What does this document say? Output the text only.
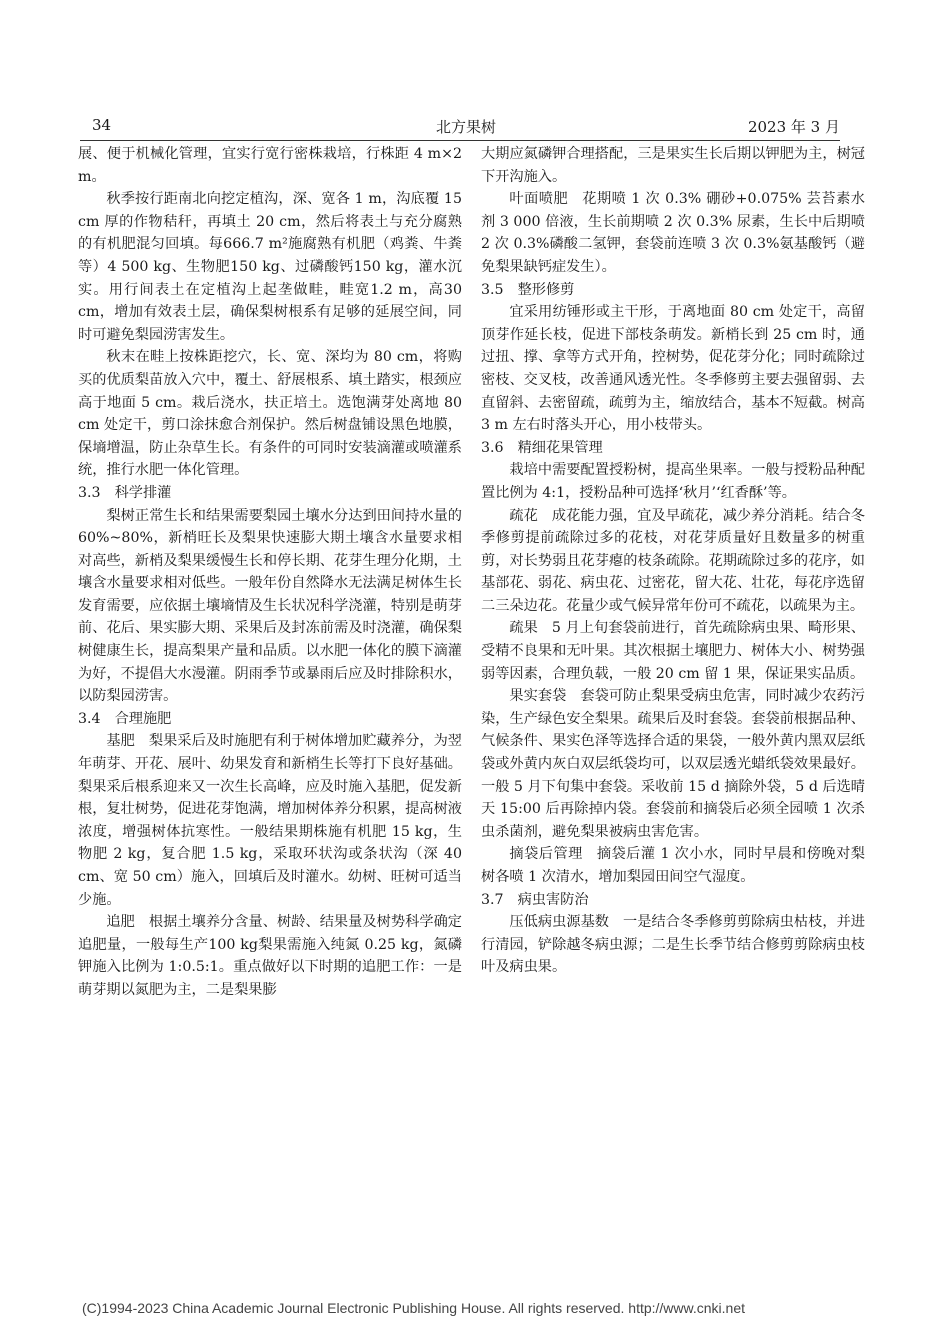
34	北方果树	2023 年 3 月

展、便于机械化管理，宜实行宽行密株栽培，行株距 4 m×2 m。

秋季按行距南北向挖定植沟，深、宽各 1 m，沟底覆 15 cm 厚的作物秸秆，再填土 20 cm，然后将表土与充分腐熟的有机肥混匀回填。每666.7 m²施腐熟有机肥（鸡粪、牛粪等）4 500 kg、生物肥150 kg、过磷酸钙150 kg，灌水沉实。用行间表土在定植沟上起垄做畦，畦宽1.2 m，高30 cm，增加有效表土层，确保梨树根系有足够的延展空间，同时可避免梨园涝害发生。

秋末在畦上按株距挖穴，长、宽、深均为 80 cm，将购买的优质梨苗放入穴中，覆土、舒展根系、填土踏实，根颈应高于地面 5 cm。栽后浇水，扶正培土。选饱满芽处离地 80 cm 处定干，剪口涂抹愈合剂保护。然后树盘铺设黑色地膜，保墒增温，防止杂草生长。有条件的可同时安装滴灌或喷灌系统，推行水肥一体化管理。

3.3 科学排灌

梨树正常生长和结果需要梨园土壤水分达到田间持水量的 60%~80%，新梢旺长及梨果快速膨大期土壤含水量要求相对高些，新梢及梨果缓慢生长和停长期、花芽生理分化期，土壤含水量要求相对低些。一般年份自然降水无法满足树体生长发育需要，应依据土壤墒情及生长状况科学浇灌，特别是萌芽前、花后、果实膨大期、采果后及封冻前需及时浇灌，确保梨树健康生长，提高梨果产量和品质。以水肥一体化的膜下滴灌为好，不提倡大水漫灌。阴雨季节或暴雨后应及时排除积水，以防梨园涝害。

3.4 合理施肥

基肥 梨果采后及时施肥有利于树体增加贮藏养分，为翌年萌芽、开花、展叶、幼果发育和新梢生长等打下良好基础。梨果采后根系迎来又一次生长高峰，应及时施入基肥，促发新根，复壮树势，促进花芽饱满，增加树体养分积累，提高树液浓度，增强树体抗寒性。一般结果期株施有机肥 15 kg，生物肥 2 kg，复合肥 1.5 kg，采取环状沟或条状沟（深 40 cm、宽 50 cm）施入，回填后及时灌水。幼树、旺树可适当少施。

追肥 根据土壤养分含量、树龄、结果量及树势科学确定追肥量，一般每生产100 kg梨果需施入纯氮 0.25 kg，氮磷钾施入比例为 1:0.5:1。重点做好以下时期的追肥工作：一是萌芽期以氮肥为主，二是梨果膨

大期应氮磷钾合理搭配，三是果实生长后期以钾肥为主，树冠下开沟施入。

叶面喷肥 花期喷 1 次 0.3% 硼砂+0.075% 芸苔素水剂 3 000 倍液，生长前期喷 2 次 0.3% 尿素，生长中后期喷 2 次 0.3%磷酸二氢钾，套袋前连喷 3 次 0.3%氨基酸钙（避免梨果缺钙症发生）。

3.5 整形修剪

宜采用纺锤形或主干形，于离地面 80 cm 处定干，高留顶芽作延长枝，促进下部枝条萌发。新梢长到 25 cm 时，通过扭、撑、拿等方式开角，控树势，促花芽分化；同时疏除过密枝、交叉枝，改善通风透光性。冬季修剪主要去强留弱、去直留斜、去密留疏，疏剪为主，缩放结合，基本不短截。树高 3 m 左右时落头开心，用小枝带头。

3.6 精细花果管理

栽培中需要配置授粉树，提高坐果率。一般与授粉品种配置比例为 4:1，授粉品种可选择‘秋月’‘红香酥’等。

疏花 成花能力强，宜及早疏花，减少养分消耗。结合冬季修剪提前疏除过多的花枝，对花芽质量好且数量多的树重剪，对长势弱且花芽瘪的枝条疏除。花期疏除过多的花序，如基部花、弱花、病虫花、过密花，留大花、壮花，每花序选留二三朵边花。花量少或气候异常年份可不疏花，以疏果为主。

疏果 5 月上旬套袋前进行，首先疏除病虫果、畸形果、受精不良果和无叶果。其次根据土壤肥力、树体大小、树势强弱等因素，合理负载，一般 20 cm 留 1 果，保证果实品质。

果实套袋 套袋可防止梨果受病虫危害，同时减少农药污染，生产绿色安全梨果。疏果后及时套袋。套袋前根据品种、气候条件、果实色泽等选择合适的果袋，一般外黄内黑双层纸袋或外黄内灰白双层纸袋均可，以双层透光蜡纸袋效果最好。一般 5 月下旬集中套袋。采收前 15 d 摘除外袋，5 d 后选晴天 15:00 后再除掉内袋。套袋前和摘袋后必须全园喷 1 次杀虫杀菌剂，避免梨果被病虫害危害。

摘袋后管理 摘袋后灌 1 次小水，同时早晨和傍晚对梨树各喷 1 次清水，增加梨园田间空气湿度。

3.7 病虫害防治

压低病虫源基数 一是结合冬季修剪剪除病虫枯枝，并进行清园，铲除越冬病虫源；二是生长季节结合修剪剪除病虫枝叶及病虫果。

(C)1994-2023 China Academic Journal Electronic Publishing House. All rights reserved. http://www.cnki.net
